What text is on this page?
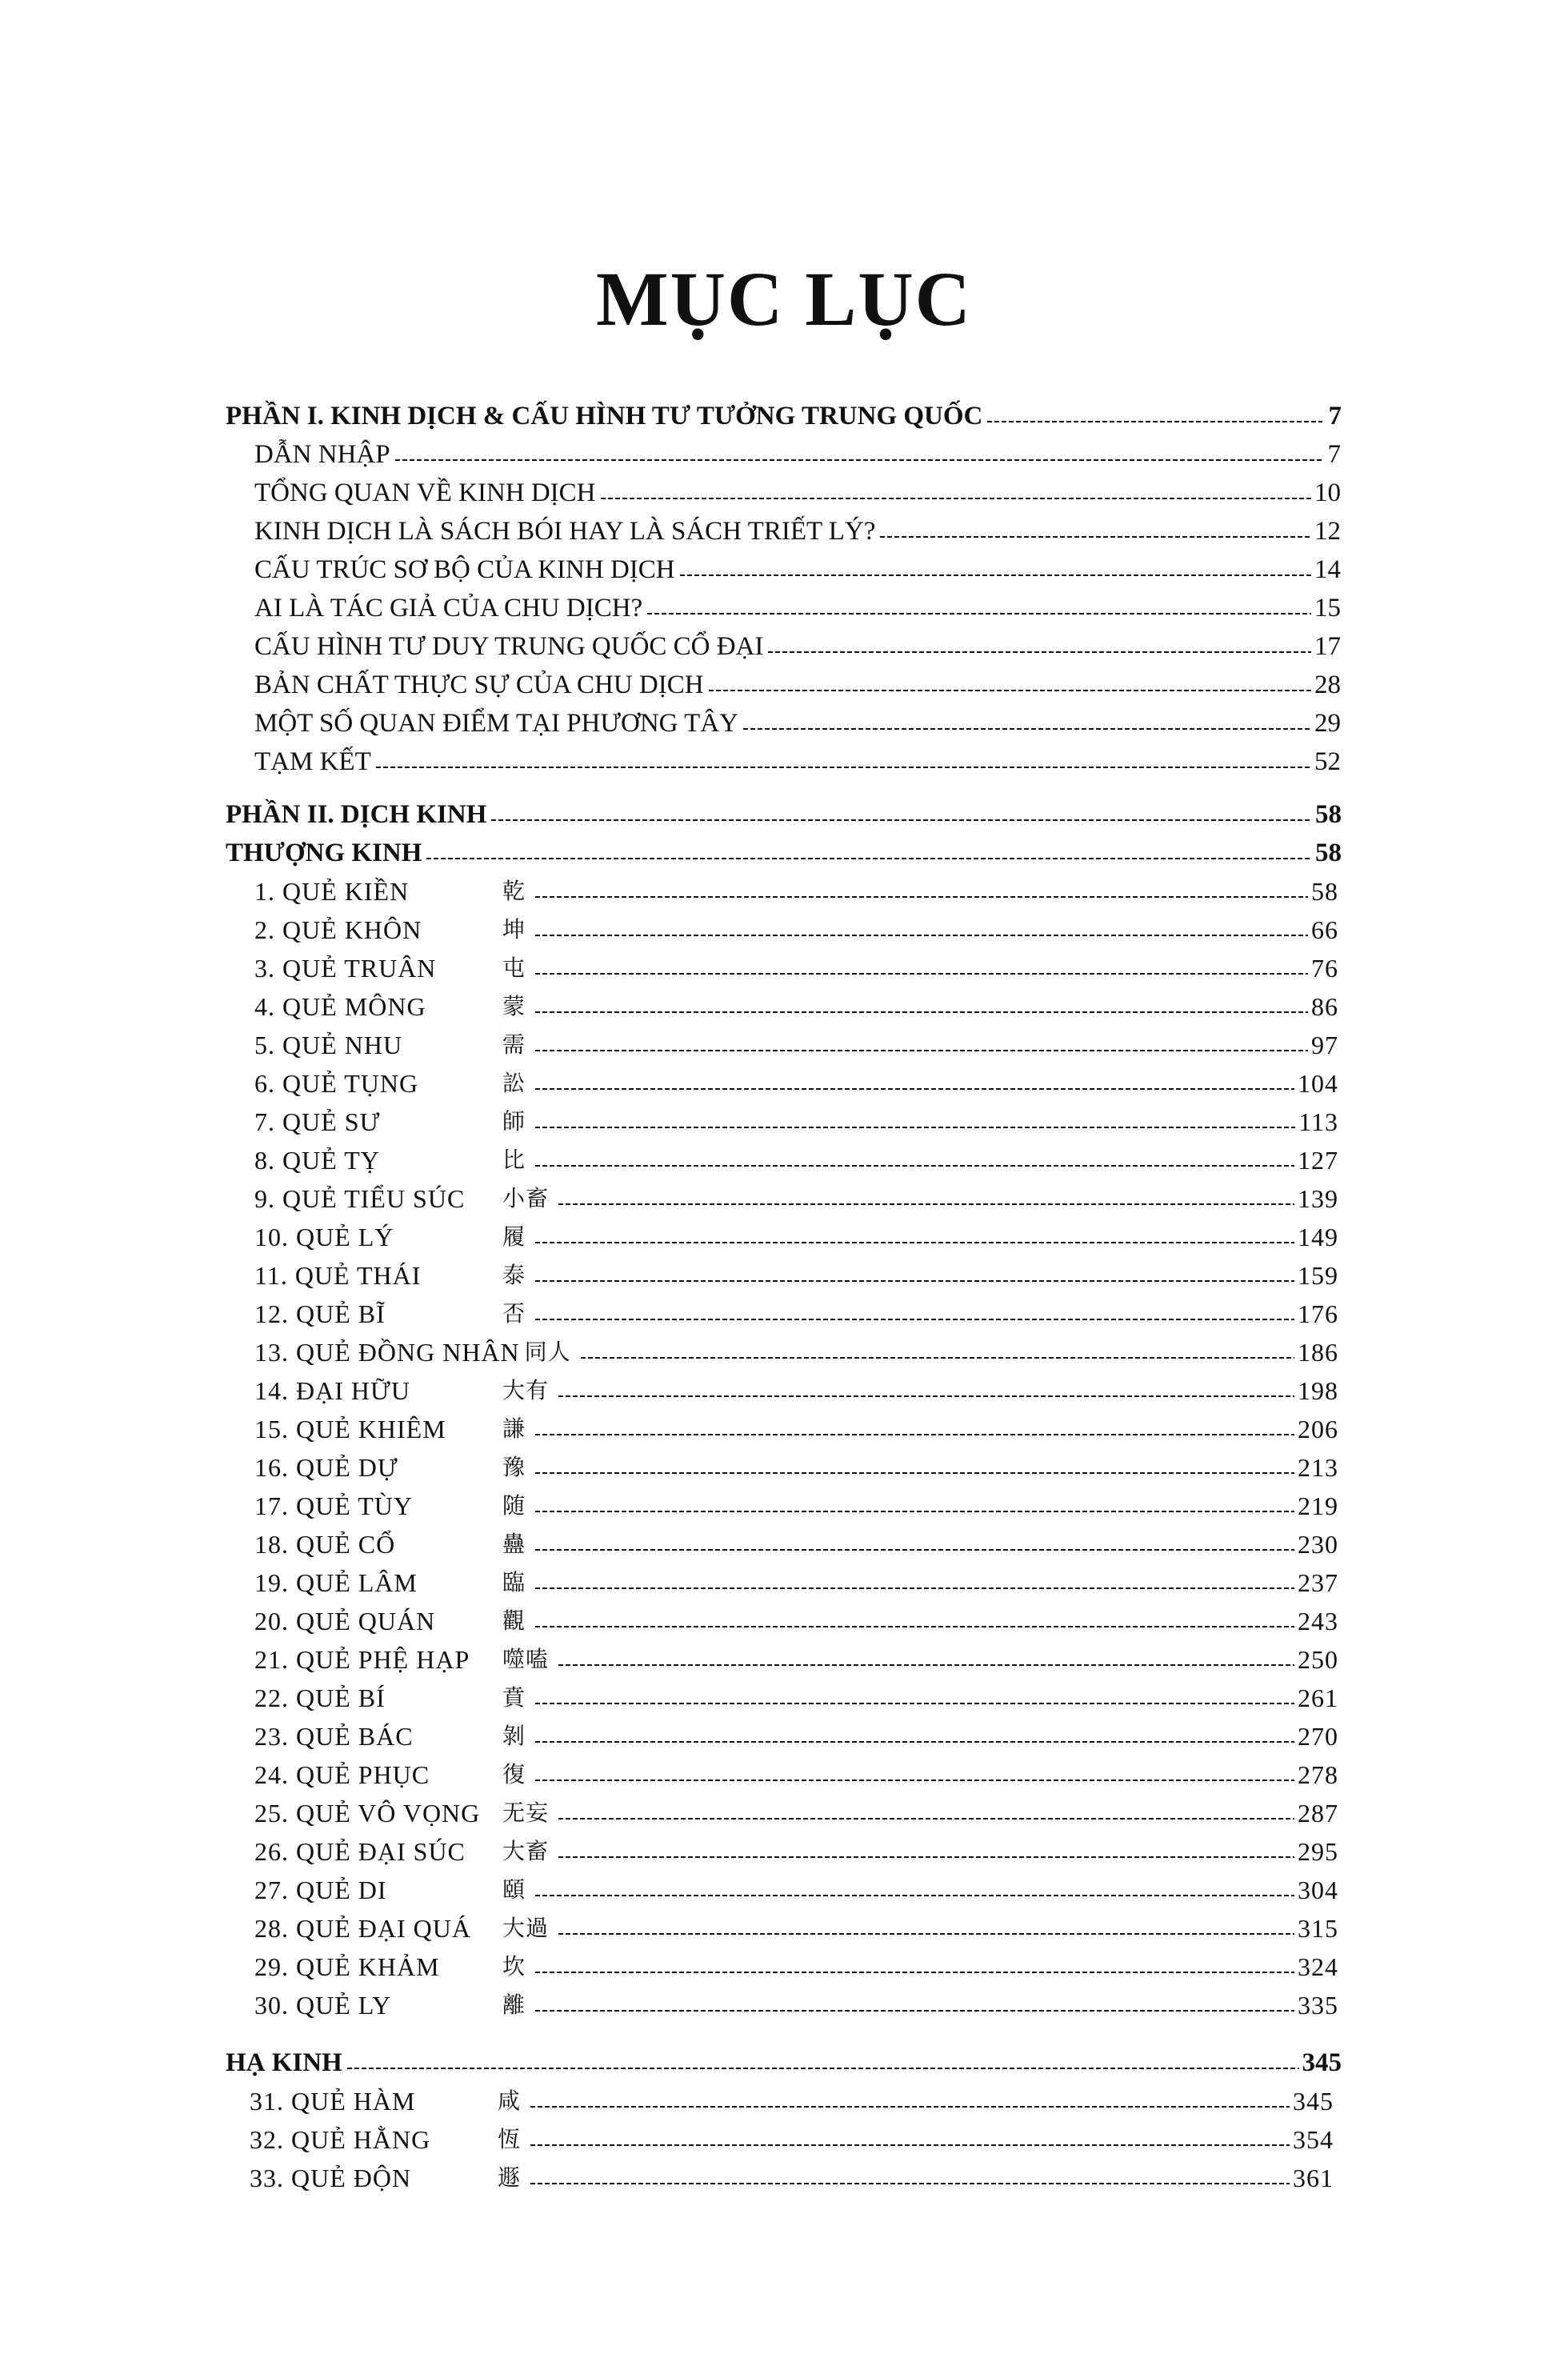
MỤC LỤC
PHẦN I. KINH DỊCH & CẤU HÌNH TƯ TƯỞNG TRUNG QUỐC	7
DẪN NHẬP	7
TỔNG QUAN VỀ KINH DỊCH	10
KINH DỊCH LÀ SÁCH BÓI HAY LÀ SÁCH TRIẾT LÝ?	12
CẤU TRÚC SƠ BỘ CỦA KINH DỊCH	14
AI LÀ TÁC GIẢ CỦA CHU DỊCH?	15
CẤU HÌNH TƯ DUY TRUNG QUỐC CỔ ĐẠI	17
BẢN CHẤT THỰC SỰ CỦA CHU DỊCH	28
MỘT SỐ QUAN ĐIỂM TẠI PHƯƠNG TÂY	29
TẠM KẾT	52
PHẦN II. DỊCH KINH	58
THƯỢNG KINH	58
1. QUẺ KIỀN	乾	58
2. QUẺ KHÔN	坤	66
3. QUẺ TRUÂN	屯	76
4. QUẺ MÔNG	蒙	86
5. QUẺ NHU	需	97
6. QUẺ TỤNG	訟	104
7. QUẺ SƯ	師	113
8. QUẺ TỴ	比	127
9. QUẺ TIỂU SÚC	小畜	139
10. QUẺ LÝ	履	149
11. QUẺ THÁI	泰	159
12. QUẺ BĨ	否	176
13. QUẺ ĐỒNG NHÂN 同人	186
14. ĐẠI HỮU	大有	198
15. QUẺ KHIÊM	謙	206
16. QUẺ DỰ	豫	213
17. QUẺ TÙY	随	219
18. QUẺ CỔ	蠱	230
19. QUẺ LÂM	臨	237
20. QUẺ QUÁN	觀	243
21. QUẺ PHỆ HẠP	噬嗑	250
22. QUẺ BÍ	賁	261
23. QUẺ BÁC	剝	270
24. QUẺ PHỤC	復	278
25. QUẺ VÔ VỌNG 无妄	287
26. QUẺ ĐẠI SÚC	大畜	295
27. QUẺ DI	頤	304
28. QUẺ ĐẠI QUÁ	大過	315
29. QUẺ KHẢM	坎	324
30. QUẺ LY	離	335
HẠ KINH	345
31. QUẺ HÀM	咸	345
32. QUẺ HẰNG	恆	354
33. QUẺ ĐỘN	遯	361
